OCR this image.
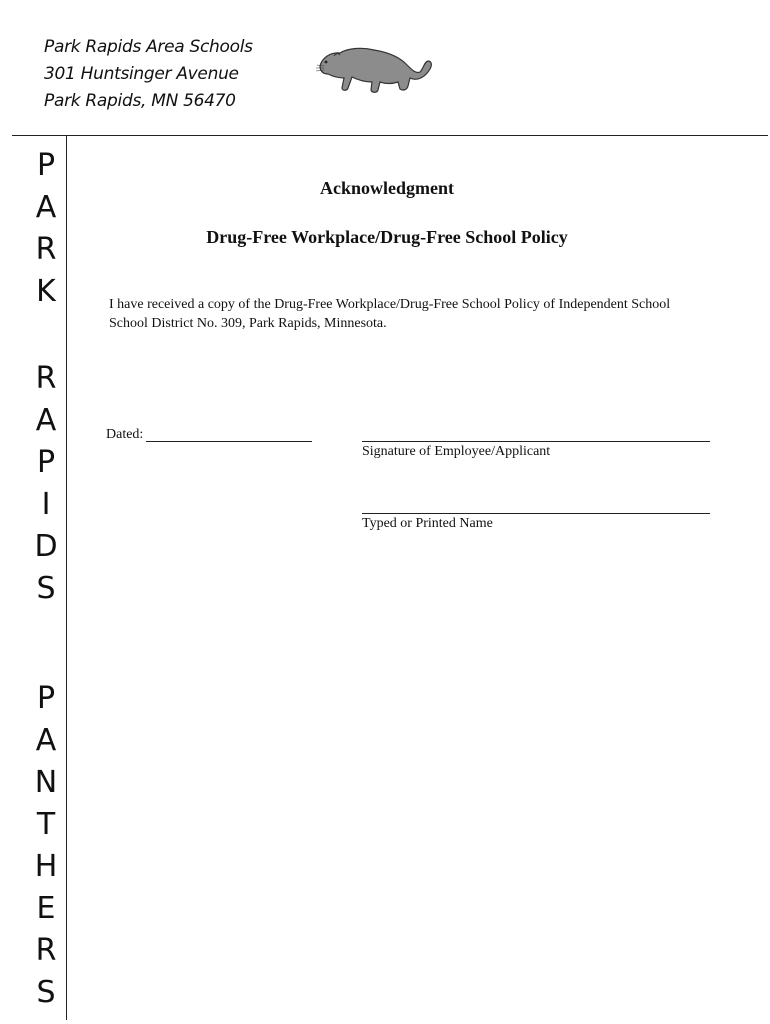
Park Rapids Area Schools
301 Huntsinger Avenue
Park Rapids, MN 56470
P
A
R
K
R
A
P
I
D
S
P
A
N
T
H
E
R
S
Acknowledgment
Drug-Free Workplace/Drug-Free School Policy
I have received a copy of the Drug-Free Workplace/Drug-Free School Policy of Independent School
School District No. 309, Park Rapids, Minnesota.
Dated:
Signature of Employee/Applicant
Typed or Printed Name
